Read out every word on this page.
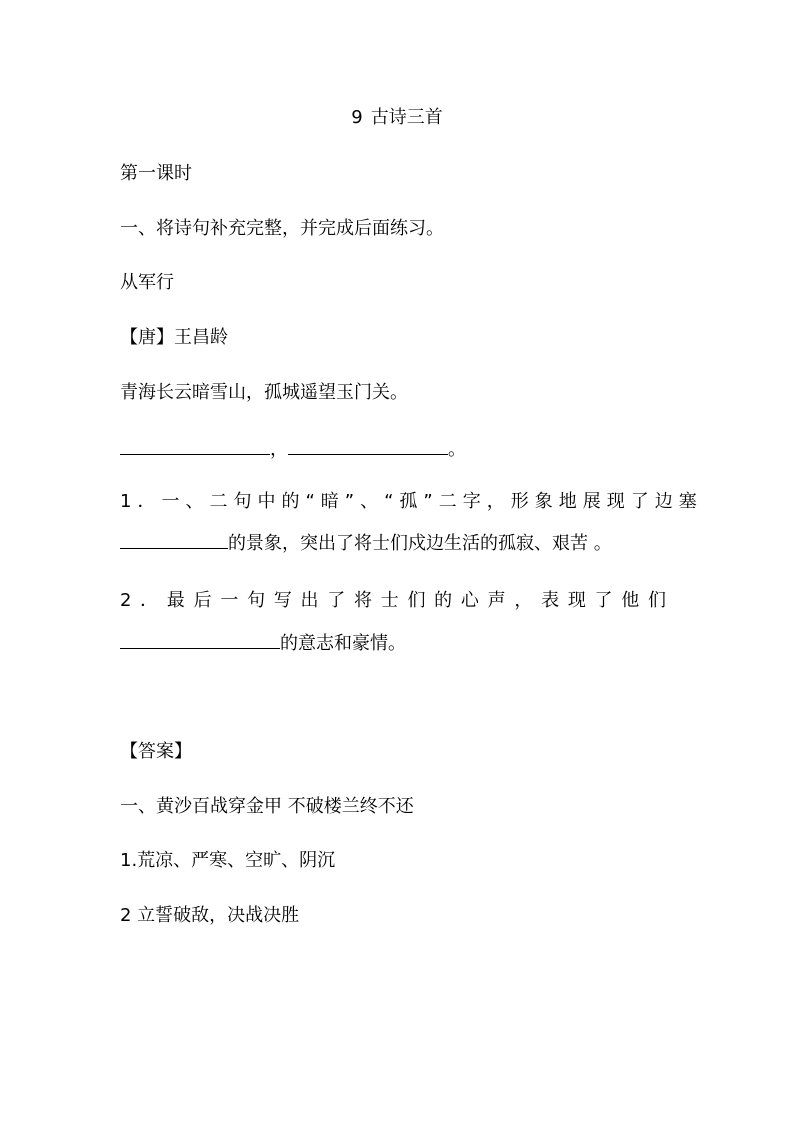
9 古诗三首
第一课时
一、将诗句补充完整，并完成后面练习。
从军行
【唐】王昌龄
青海长云暗雪山，孤城遥望玉门关。
，	。
1．一、二句中的“暗”、“孤”二字，形象地展现了边塞
的景象，突出了将士们戍边生活的孤寂、艰苦 。
2．最后一句写出了将士们的心声，表现了他们
的意志和豪情。
【答案】
一、黄沙百战穿金甲 不破楼兰终不还
1.荒凉、严寒、空旷、阴沉
2 立誓破敌，决战决胜
